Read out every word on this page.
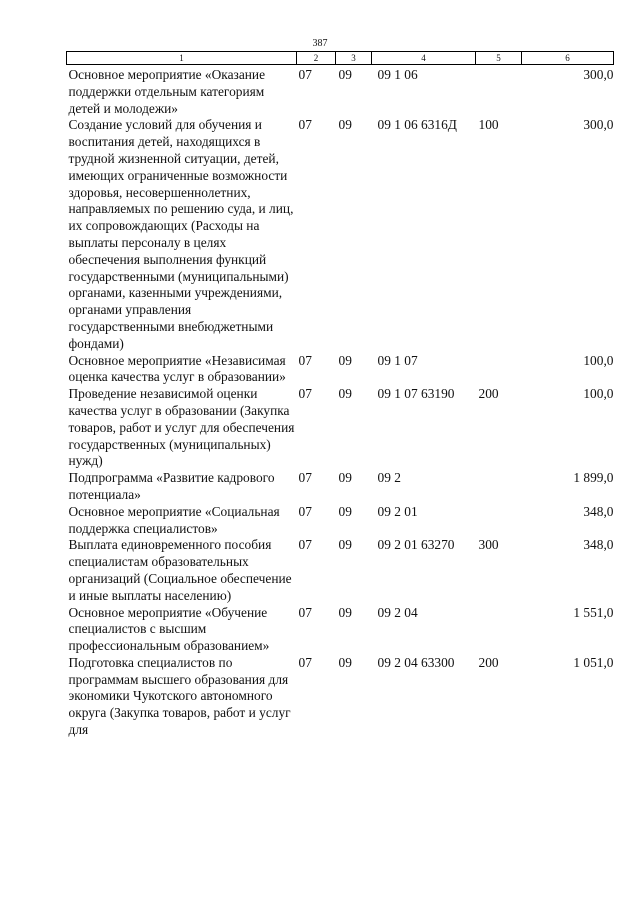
387
1	2	3	4	5	6
Основное мероприятие «Оказание поддержки отдельным категориям детей и молодежи»	07	09	09 1 06		300,0
Создание условий для обучения и воспитания детей, находящихся в трудной жизненной ситуации, детей, имеющих ограниченные возможности здоровья, несовершеннолетних, направляемых по решению суда, и лиц, их сопровождающих (Расходы на выплаты персоналу в целях обеспечения выполнения функций государственными (муниципальными) органами, казенными учреждениями, органами управления государственными внебюджетными фондами)	07	09	09 1 06 6316Д	100	300,0
Основное мероприятие «Независимая оценка качества услуг в образовании»	07	09	09 1 07		100,0
Проведение независимой оценки качества услуг в образовании (Закупка товаров, работ и услуг для обеспечения государственных (муниципальных) нужд)	07	09	09 1 07 63190	200	100,0
Подпрограмма «Развитие кадрового потенциала»	07	09	09 2		1 899,0
Основное мероприятие «Социальная поддержка специалистов»	07	09	09 2 01		348,0
Выплата единовременного пособия специалистам образовательных организаций (Социальное обеспечение и иные выплаты населению)	07	09	09 2 01 63270	300	348,0
Основное мероприятие «Обучение специалистов с высшим профессиональным образованием»	07	09	09 2 04		1 551,0
Подготовка специалистов по программам высшего образования для экономики Чукотского автономного округа (Закупка товаров, работ и услуг для	07	09	09 2 04 63300	200	1 051,0
